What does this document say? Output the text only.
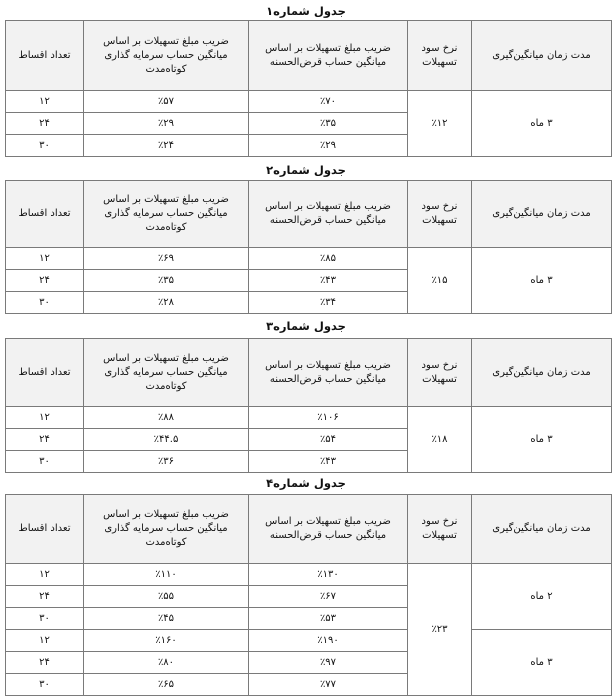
جدول شماره۱
مدت زمان میانگین‌گیری	نرخ سود تسهیلات	ضریب مبلغ تسهیلات بر اساس میانگین حساب قرض‌الحسنه	ضریب مبلغ تسهیلات بر اساس میانگین حساب سرمایه گذاری کوتاه‌مدت	تعداد اقساط
۳ ماه	٪۱۲	٪۷۰	٪۵۷	۱۲
		٪۳۵	٪۲۹	۲۴
		٪۲۹	٪۲۴	۳۰
جدول شماره۲
مدت زمان میانگین‌گیری	نرخ سود تسهیلات	ضریب مبلغ تسهیلات بر اساس میانگین حساب قرض‌الحسنه	ضریب مبلغ تسهیلات بر اساس میانگین حساب سرمایه گذاری کوتاه‌مدت	تعداد اقساط
۳ ماه	٪۱۵	٪۸۵	٪۶۹	۱۲
		٪۴۳	٪۳۵	۲۴
		٪۳۴	٪۲۸	۳۰
جدول شماره۳
مدت زمان میانگین‌گیری	نرخ سود تسهیلات	ضریب مبلغ تسهیلات بر اساس میانگین حساب قرض‌الحسنه	ضریب مبلغ تسهیلات بر اساس میانگین حساب سرمایه گذاری کوتاه‌مدت	تعداد اقساط
۳ ماه	٪۱۸	٪۱۰۶	٪۸۸	۱۲
		٪۵۴	٪۴۴.۵	۲۴
		٪۴۳	٪۳۶	۳۰
جدول شماره۴
مدت زمان میانگین‌گیری	نرخ سود تسهیلات	ضریب مبلغ تسهیلات بر اساس میانگین حساب قرض‌الحسنه	ضریب مبلغ تسهیلات بر اساس میانگین حساب سرمایه گذاری کوتاه‌مدت	تعداد اقساط
۲ ماه	٪۲۳	٪۱۳۰	٪۱۱۰	۱۲
		٪۶۷	٪۵۵	۲۴
		٪۵۳	٪۴۵	۳۰
۳ ماه		٪۱۹۰	٪۱۶۰	۱۲
		٪۹۷	٪۸۰	۲۴
		٪۷۷	٪۶۵	۳۰
